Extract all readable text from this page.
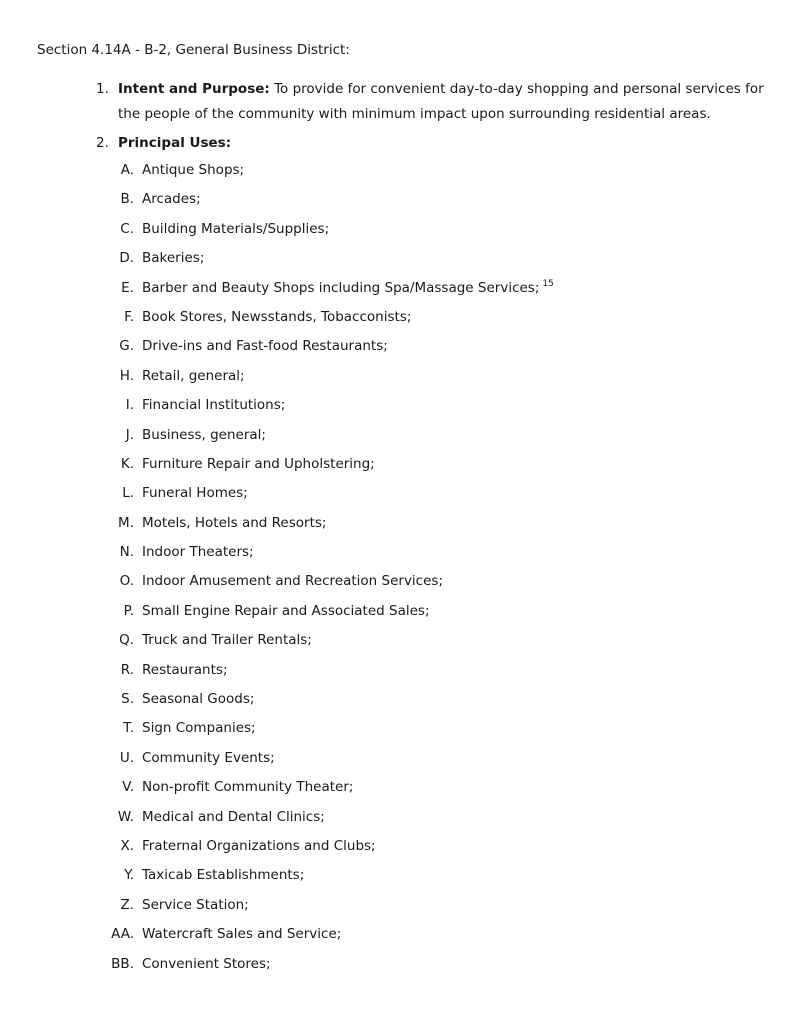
Section 4.14A - B-2, General Business District:
1. Intent and Purpose: To provide for convenient day-to-day shopping and personal services for the people of the community with minimum impact upon surrounding residential areas.
2. Principal Uses:
A. Antique Shops;
B. Arcades;
C. Building Materials/Supplies;
D. Bakeries;
E. Barber and Beauty Shops including Spa/Massage Services; $^{15}$
F. Book Stores, Newsstands, Tobacconists;
G. Drive-ins and Fast-food Restaurants;
H. Retail, general;
I. Financial Institutions;
J. Business, general;
K. Furniture Repair and Upholstering;
L. Funeral Homes;
M. Motels, Hotels and Resorts;
N. Indoor Theaters;
O. Indoor Amusement and Recreation Services;
P. Small Engine Repair and Associated Sales;
Q. Truck and Trailer Rentals;
R. Restaurants;
S. Seasonal Goods;
T. Sign Companies;
U. Community Events;
V. Non-profit Community Theater;
W. Medical and Dental Clinics;
X. Fraternal Organizations and Clubs;
Y. Taxicab Establishments;
Z. Service Station;
AA. Watercraft Sales and Service;
BB. Convenient Stores;
